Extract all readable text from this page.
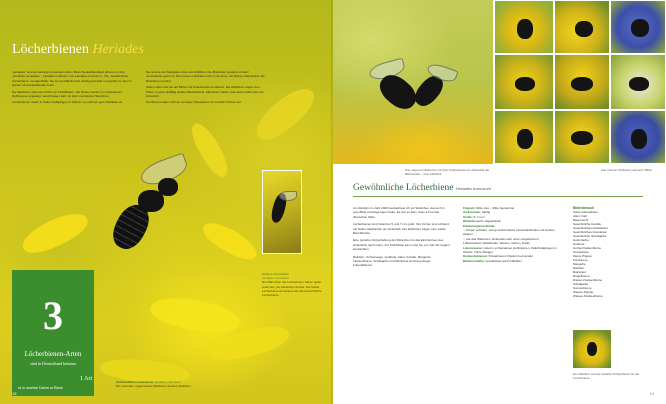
Löcherbienen Heriades

„Heriades“ ist eine Gattung mit wenigen Arten. Beim Deutschlandweit gibt es nur drei: „Heriades crenulatus“, „Heriades rubicola“ und „Heriades truncorum“. Die „Gewöhnliche Löcherbiene“ ist abgebildet. Sie ist von Mai/Juni bis Juli/August aktiv und gehört zu den im Garten oft anzutreffenden Arten.

Die Weibchen sammeln Pollen an Korbblütlern. Die Nester werden in vorhandenen Hohlräumen angelegt, verschlossen wird mit Harz und kleinen Steinchen.

Löcherbienen nisten in Käfer-Fraßgängen in Totholz, sie nehmen gern Nisthilfen an.

Sie ist eine der häufigsten Arten an Nisthilfen. Die Brutzellen werden mit Harz voneinander getrennt. Die Larven entwickeln sich im Sommer, die Bienen überwintern als Ruhelarve im Nest.

Selten sieht man sie auf Blüten mit Pollenbürste am Bauch. Die Weibchen tragen den Pollen in einer auffällig weißen Bauchbürste. Männchen haben zwei kleine Zähnchen am Hinterleib.

Die Bienen halten sich an sonnigen Standorten mit reichlich Totholz auf.

Gelbe Löcherbiene
Heriades crenulatus
Die Männchen der Löcherbiene haben gelbe Antennen, die Weibchen dunkle. Die Gelbe Löcherbiene ist seltener als die Gewöhnliche Löcherbiene.
3
Löcherbienen-Arten
sind in Deutschland bekannt
1 Art
ist in unserem Garten zu Hause
Gewöhnliche Löcherbiene Heriades truncorum
Ein ruhendes, regennasses Weibchen auf dem Rainfarn.
18
Hier zeigt ein Weibchen mit ihrer Pollenbürste am Hinterleib die Blütennähe – eine Mahlzeit.
Hier ruht ein Weibchen auf einer Blüte.
Gewöhnliche Löcherbiene Heriades truncorum

Am Rainfarn im Jahr 2020 beobachtete ich ein Weibchen, das sich in eine Blüte zurückgezogen hatte. Es war so klein, dass ich es fast übersehen hätte.

Löcherbienen sind zwischen 5 und 7 mm groß. Ihre Körper sind schwarz mit hellen Haarbinden am Hinterleib. Die Weibchen tragen eine weiße Bauchbürste.

Eine typische Körperhaltung der Männchen ist das Einkrümmen des Hinterleibs nach unten. Auf Korbblüten kann man sie von Juni bis August beobachten.

Rainfarn, Ochsenauge, Goldrute, Alant, Kamille, Margerite, Flockenblume, Schafgarbe und Rainkraut sind bevorzugte Futterpflanzen.

Flugzeit: Mitte Juni – Mitte September
Vorkommen: häufig
Größe: 5–7 mm
Blütenbesuch: oligolektisch
Erkennungsmerkmale:
♀ Körper schwarz, wenig weiß behaart, Hinterleibsbinden mit weißen Haaren
♂ wie das Weibchen, Hinterleib nach unten eingekrümmt
Lebensraum: Waldränder, Wiesen, Gärten, Parks
Lebensweise: nistet in vorhandenen Hohlräumen, Käferfraßgängen in Totholz, hohle Stängel
Kuckucksbienen: Düsterbienen (Stelis breviuscula)
Blütenvorliebe: spezialisiert auf Korbblütler
Blütenbesuch
Acker-Gänsedistel
Alant, Kalt
Bauernsenf
Gewöhnliche Kamille
Gewöhnliches Ferkelkraut
Gewöhnliches Greiskraut
Gewöhnliche Schafgarbe
Gold-Garbe
Goldrute
Große Flockenblume
Gundelrebe
Kleine Pippau
Kornblume
Margerite
Rainfarn
Rainkraut
Ringelblume
Rispen-Flockenblume
Schafgarbe
Sonnenblume
Wiesen-Pippau
Wiesen-Flockenblume
Der Rainfarn ist eine beliebte Futterpflanze für die Löcherbiene.
19
